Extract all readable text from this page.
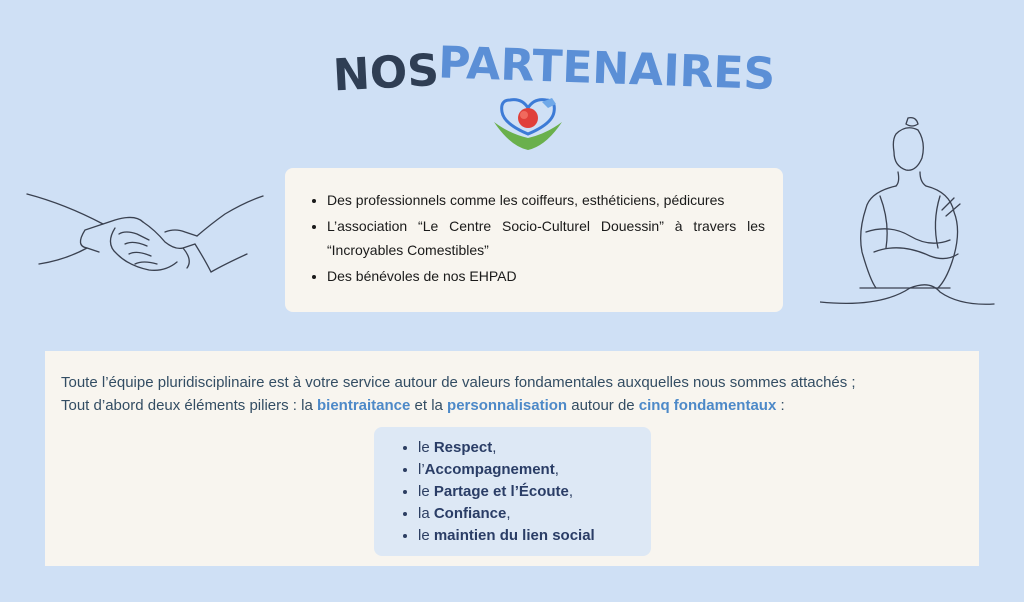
NOS
PARTENAIRES
• Des professionnels comme les coiffeurs, esthéticiens, pédicures
• L’association “Le Centre Socio-Culturel Douessin” à travers les “Incroyables Comestibles”
• Des bénévoles de nos EHPAD
Toute l’équipe pluridisciplinaire est à votre service autour de valeurs fondamentales auxquelles nous sommes attachés ;
Tout d’abord deux éléments piliers : la bientraitance et la personnalisation autour de cinq fondamentaux :
• le Respect,
• l’Accompagnement,
• le Partage et l’Écoute,
• la Confiance,
• le maintien du lien social
